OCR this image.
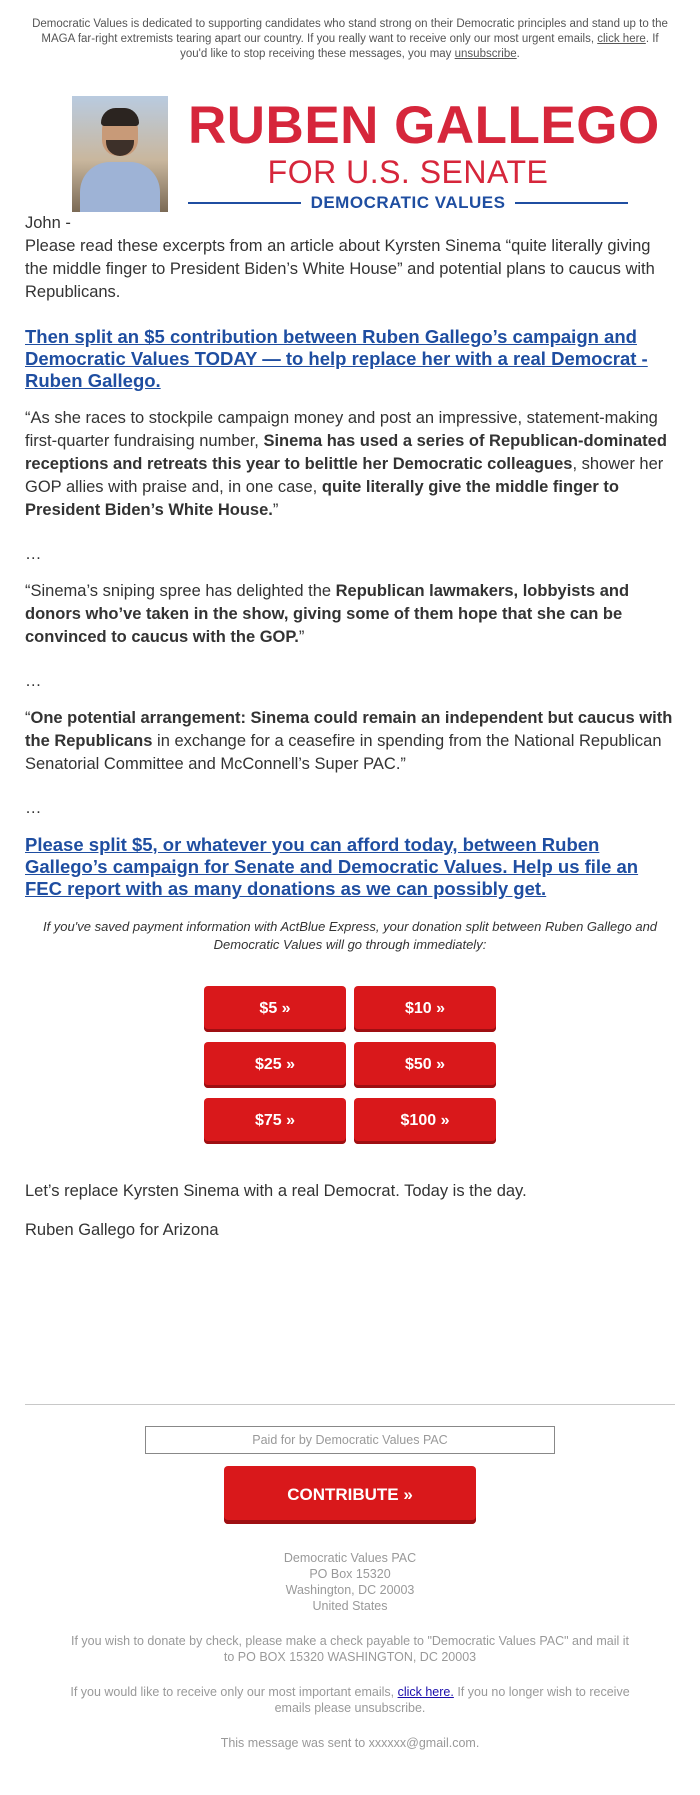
Democratic Values is dedicated to supporting candidates who stand strong on their Democratic principles and stand up to the MAGA far-right extremists tearing apart our country. If you really want to receive only our most urgent emails, click here. If you'd like to stop receiving these messages, you may unsubscribe.
RUBEN GALLEGO
FOR U.S. SENATE
DEMOCRATIC VALUES

John -

Please read these excerpts from an article about Kyrsten Sinema “quite literally giving the middle finger to President Biden’s White House” and potential plans to caucus with Republicans.

Then split an $5 contribution between Ruben Gallego’s campaign and Democratic Values TODAY — to help replace her with a real Democrat - Ruben Gallego.

“As she races to stockpile campaign money and post an impressive, statement-making first-quarter fundraising number, Sinema has used a series of Republican-dominated receptions and retreats this year to belittle her Democratic colleagues, shower her GOP allies with praise and, in one case, quite literally give the middle finger to President Biden’s White House.”

…

“Sinema’s sniping spree has delighted the Republican lawmakers, lobbyists and donors who’ve taken in the show, giving some of them hope that she can be convinced to caucus with the GOP.”

…

“One potential arrangement: Sinema could remain an independent but caucus with the Republicans in exchange for a ceasefire in spending from the National Republican Senatorial Committee and McConnell’s Super PAC.”

…

Please split $5, or whatever you can afford today, between Ruben Gallego’s campaign for Senate and Democratic Values. Help us file an FEC report with as many donations as we can possibly get.

If you've saved payment information with ActBlue Express, your donation split between Ruben Gallego and Democratic Values will go through immediately:

$5 »	$10 »
$25 »	$50 »
$75 »	$100 »

Let’s replace Kyrsten Sinema with a real Democrat. Today is the day.

Ruben Gallego for Arizona

Paid for by Democratic Values PAC
CONTRIBUTE »
Democratic Values PAC
PO Box 15320
Washington, DC 20003
United States

If you wish to donate by check, please make a check payable to "Democratic Values PAC" and mail it to PO BOX 15320 WASHINGTON, DC 20003

If you would like to receive only our most important emails, click here. If you no longer wish to receive emails please unsubscribe.

This message was sent to xxxxxx@gmail.com.
